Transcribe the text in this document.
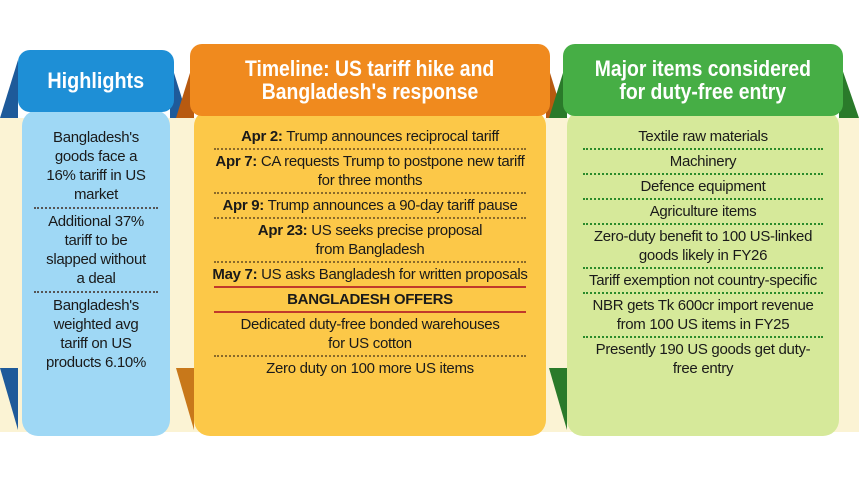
Highlights
Bangladesh's
goods face a
16% tariff in US
market
Additional 37%
tariff to be
slapped without
a deal
Bangladesh's
weighted avg
tariff on US
products 6.10%
Timeline: US tariff hike and
Bangladesh's response
Apr 2: Trump announces reciprocal tariff
Apr 7: CA requests Trump to postpone new tariff
for three months
Apr 9: Trump announces a 90-day tariff pause
Apr 23: US seeks precise proposal
from Bangladesh
May 7: US asks Bangladesh for written proposals
BANGLADESH OFFERS
Dedicated duty-free bonded warehouses
for US cotton
Zero duty on 100 more US items
Major items considered
for duty-free entry
Textile raw materials
Machinery
Defence equipment
Agriculture items
Zero-duty benefit to 100 US-linked
goods likely in FY26
Tariff exemption not country-specific
NBR gets Tk 600cr import revenue
from 100 US items in FY25
Presently 190 US goods get duty-
free entry
